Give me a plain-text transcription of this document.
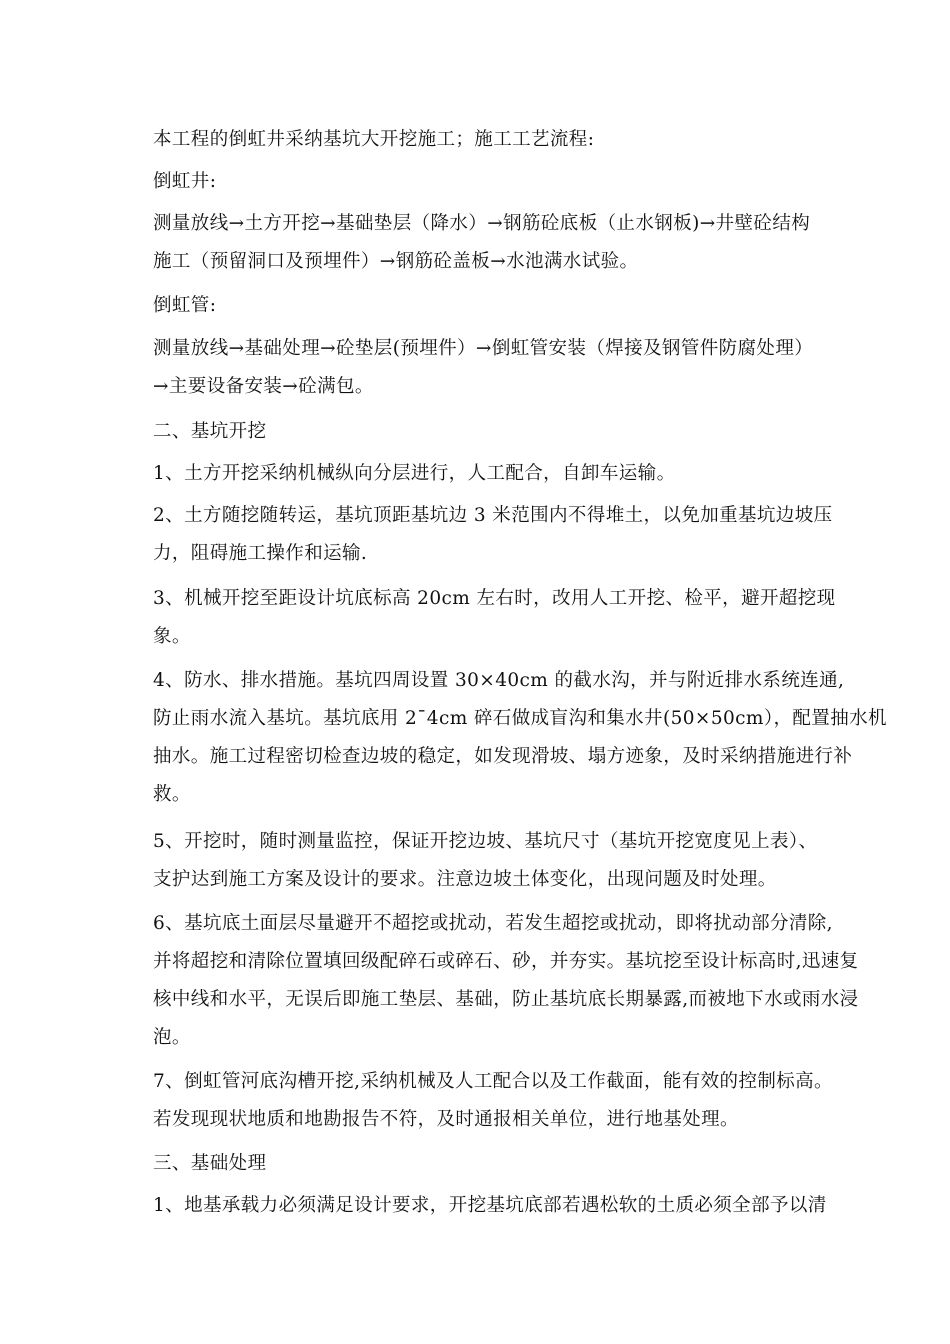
本工程的倒虹井采纳基坑大开挖施工；施工工艺流程:

倒虹井:

测量放线→土方开挖→基础垫层（降水）→钢筋砼底板（止水钢板)→井壁砼结构
施工（预留洞口及预埋件）→钢筋砼盖板→水池满水试验。

倒虹管:

测量放线→基础处理→砼垫层(预埋件）→倒虹管安装（焊接及钢管件防腐处理）
→主要设备安装→砼满包。

二、基坑开挖

1、土方开挖采纳机械纵向分层进行，人工配合，自卸车运输。

2、土方随挖随转运，基坑顶距基坑边 3 米范围内不得堆土，以免加重基坑边坡压
力，阻碍施工操作和运输.

3、机械开挖至距设计坑底标高 20cm 左右时，改用人工开挖、检平，避开超挖现
象。

4、防水、排水措施。基坑四周设置 30×40cm 的截水沟，并与附近排水系统连通,
防止雨水流入基坑。基坑底用 2¯4cm 碎石做成盲沟和集水井(50×50cm），配置抽水机
抽水。施工过程密切检查边坡的稳定，如发现滑坡、塌方迹象，及时采纳措施进行补
救。

5、开挖时，随时测量监控，保证开挖边坡、基坑尺寸（基坑开挖宽度见上表）、
支护达到施工方案及设计的要求。注意边坡土体变化，出现问题及时处理。

6、基坑底土面层尽量避开不超挖或扰动，若发生超挖或扰动，即将扰动部分清除,
并将超挖和清除位置填回级配碎石或碎石、砂，并夯实。基坑挖至设计标高时,迅速复
核中线和水平，无误后即施工垫层、基础，防止基坑底长期暴露,而被地下水或雨水浸
泡。

7、倒虹管河底沟槽开挖,采纳机械及人工配合以及工作截面，能有效的控制标高。
若发现现状地质和地勘报告不符，及时通报相关单位，进行地基处理。

三、基础处理

1、地基承载力必须满足设计要求，开挖基坑底部若遇松软的土质必须全部予以清
